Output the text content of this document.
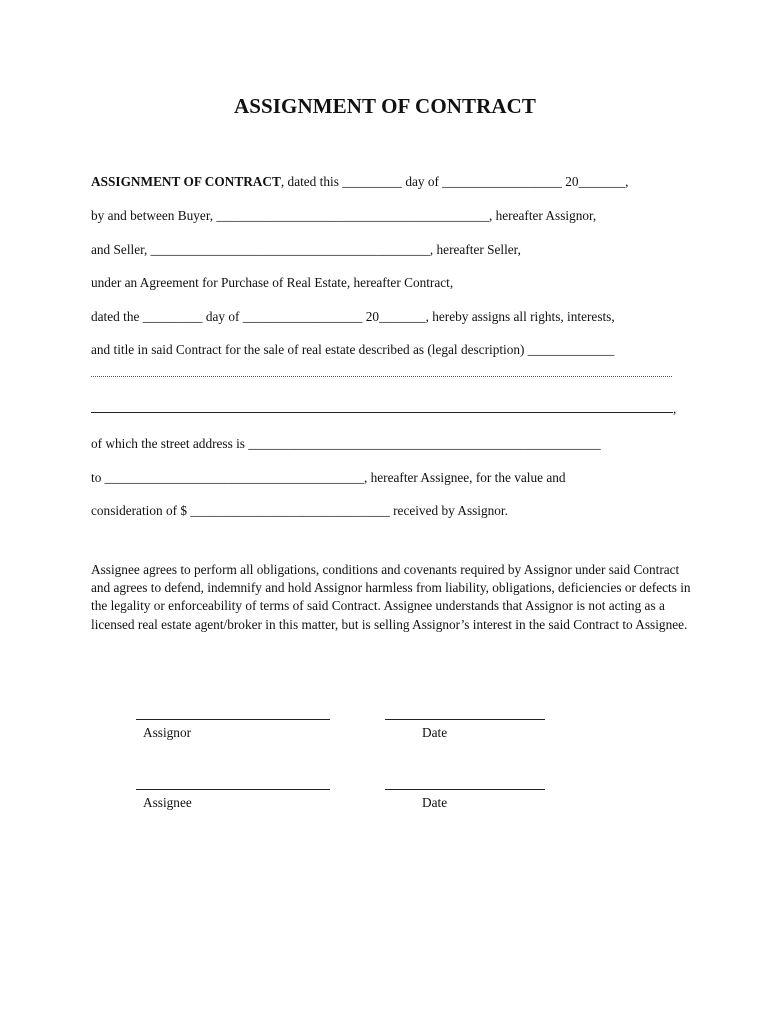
ASSIGNMENT OF CONTRACT
ASSIGNMENT OF CONTRACT, dated this _________ day of __________________ 20_______,
by and between Buyer, _________________________________________, hereafter Assignor,
and Seller, __________________________________________, hereafter Seller,
under an Agreement for Purchase of Real Estate, hereafter Contract,
dated the _________ day of __________________ 20_______, hereby assigns all rights, interests,
and title in said Contract for the sale of real estate described as (legal description) _____________
,
of which the street address is _____________________________________________________
to _______________________________________, hereafter Assignee, for the value and
consideration of $ ______________________________ received by Assignor.
Assignee agrees to perform all obligations, conditions and covenants required by Assignor under said Contract and agrees to defend, indemnify and hold Assignor harmless from liability, obligations, deficiencies or defects in the legality or enforceability of terms of said Contract. Assignee understands that Assignor is not acting as a licensed real estate agent/broker in this matter, but is selling Assignor’s interest in the said Contract to Assignee.
Assignor	Date
Assignee	Date
